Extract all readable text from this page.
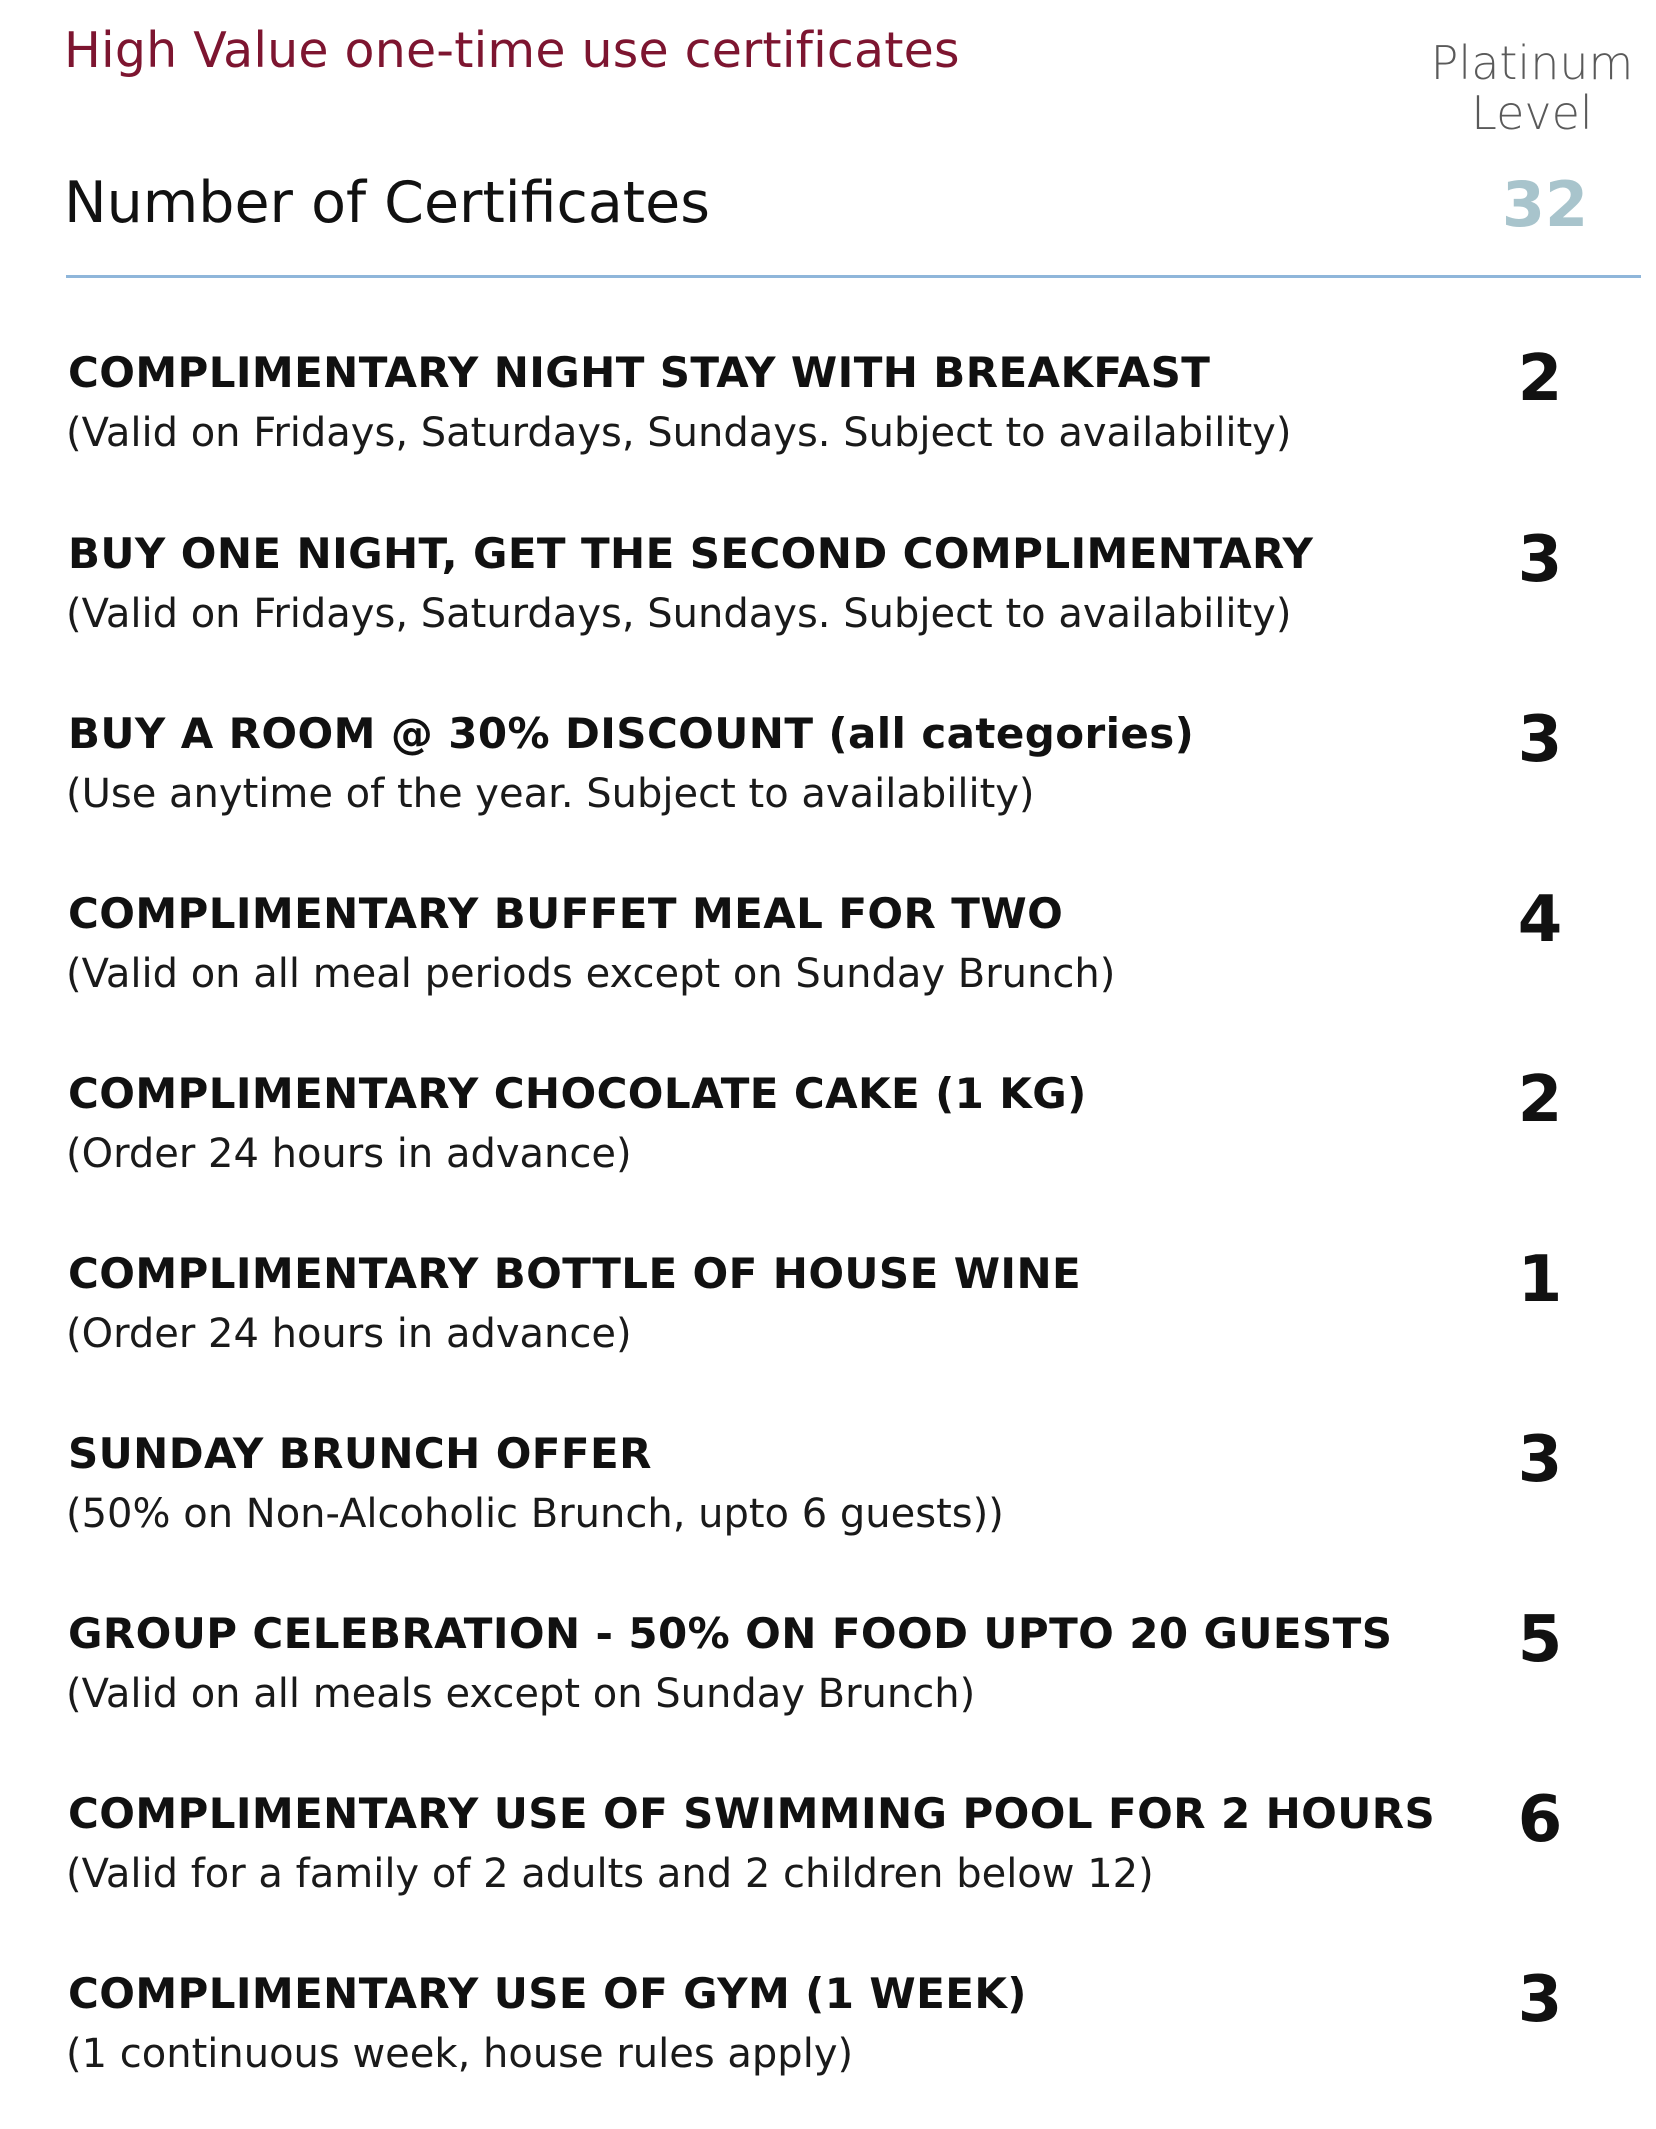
High Value one-time use certificates	Platinum Level
Number of Certificates	32
COMPLIMENTARY NIGHT STAY WITH BREAKFAST
(Valid on Fridays, Saturdays, Sundays. Subject to availability)
2
BUY ONE NIGHT, GET THE SECOND COMPLIMENTARY
(Valid on Fridays, Saturdays, Sundays. Subject to availability)
3
BUY A ROOM @ 30% DISCOUNT (all categories)
(Use anytime of the year. Subject to availability)
3
COMPLIMENTARY BUFFET MEAL FOR TWO
(Valid on all meal periods except on Sunday Brunch)
4
COMPLIMENTARY CHOCOLATE CAKE (1 KG)
(Order 24 hours in advance)
2
COMPLIMENTARY BOTTLE OF HOUSE WINE
(Order 24 hours in advance)
1
SUNDAY BRUNCH OFFER
(50% on Non-Alcoholic Brunch, upto 6 guests))
3
GROUP CELEBRATION - 50% ON FOOD UPTO 20 GUESTS
(Valid on all meals except on Sunday Brunch)
5
COMPLIMENTARY USE OF SWIMMING POOL FOR 2 HOURS
(Valid for a family of 2 adults and 2 children below 12)
6
COMPLIMENTARY USE OF GYM (1 WEEK)
(1 continuous week, house rules apply)
3
